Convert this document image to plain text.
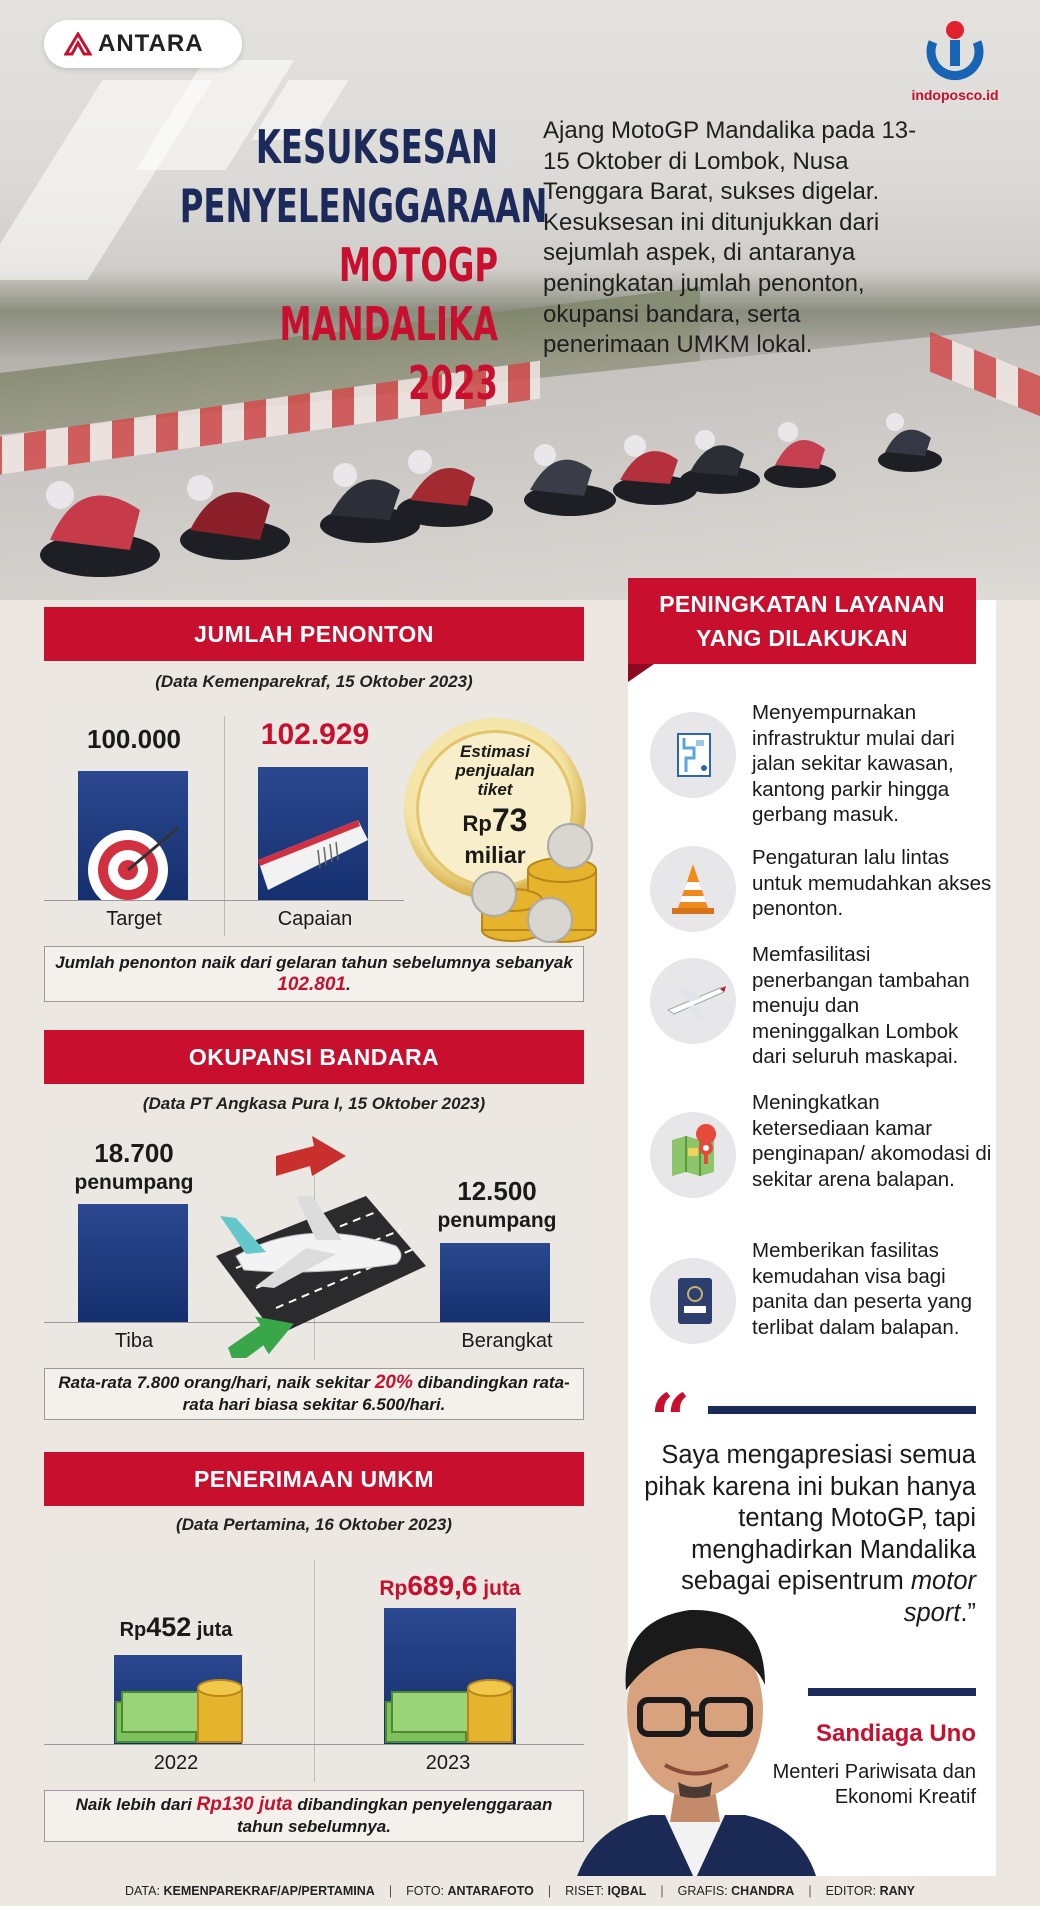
ANTARA
indoposco.id
KESUKSESAN
PENYELENGGARAAN
MOTOGP MANDALIKA
2023
Ajang MotoGP Mandalika pada 13-15 Oktober di Lombok, Nusa Tenggara Barat, sukses digelar. Kesuksesan ini ditunjukkan dari sejumlah aspek, di antaranya peningkatan jumlah penonton, okupansi bandara, serta penerimaan UMKM lokal.
PENINGKATAN LAYANAN
YANG DILAKUKAN
Menyempurnakan infrastruktur mulai dari jalan sekitar kawasan, kantong parkir hingga gerbang masuk.
Pengaturan lalu lintas untuk memudahkan akses penonton.
Memfasilitasi penerbangan tambahan menuju dan meninggalkan Lombok dari seluruh maskapai.
Meningkatkan ketersediaan kamar penginapan/ akomodasi di sekitar arena balapan.
Memberikan fasilitas kemudahan visa bagi panita dan peserta yang terlibat dalam balapan.
“
Saya mengapresiasi semua pihak karena ini bukan hanya tentang MotoGP, tapi menghadirkan Mandalika sebagai episentrum motor sport.”
Sandiaga Uno
Menteri Pariwisata dan Ekonomi Kreatif
JUMLAH PENONTON
(Data Kemenparekraf, 15 Oktober 2023)
100.000
Target
102.929
Capaian
Estimasi
penjualan
tiket
Rp73
miliar
Jumlah penonton naik dari gelaran tahun sebelumnya sebanyak 102.801.
OKUPANSI BANDARA
(Data PT Angkasa Pura I, 15 Oktober 2023)
18.700
penumpang
Tiba
12.500
penumpang
Berangkat
Rata-rata 7.800 orang/hari, naik sekitar 20% dibandingkan rata-rata hari biasa sekitar 6.500/hari.
PENERIMAAN UMKM
(Data Pertamina, 16 Oktober 2023)
Rp452 juta
2022
Rp689,6 juta
2023
Naik lebih dari Rp130 juta dibandingkan penyelenggaraan tahun sebelumnya.
DATA: KEMENPAREKRAF/AP/PERTAMINA | FOTO: ANTARAFOTO | RISET: IQBAL | GRAFIS: CHANDRA | EDITOR: RANY
